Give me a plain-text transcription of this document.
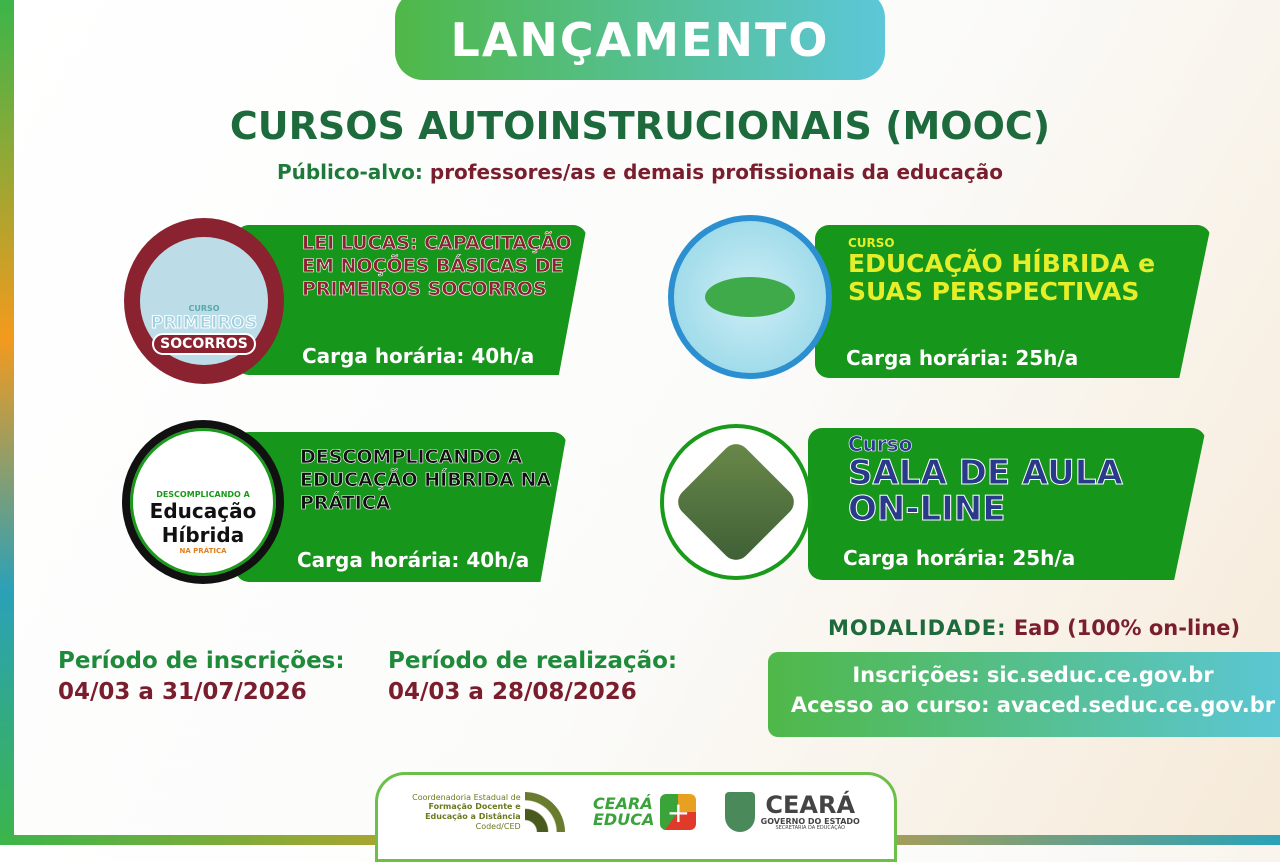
LANÇAMENTO
CURSOS AUTOINSTRUCIONAIS (MOOC)
Público-alvo: professores/as e demais profissionais da educação
CURSO
PRIMEIROS
SOCORROS
LEI LUCAS: CAPACITAÇÃO EM NOÇÕES BÁSICAS DE PRIMEIROS SOCORROS
Carga horária: 40h/a
CURSO
EDUCAÇÃO HÍBRIDA e SUAS PERSPECTIVAS
Carga horária: 25h/a
DESCOMPLICANDO A
Educação
Híbrida
NA PRÁTICA
DESCOMPLICANDO A EDUCAÇÃO HÍBRIDA NA PRÁTICA
Carga horária: 40h/a
Curso
SALA DE AULA ON-LINE
Carga horária: 25h/a
Período de inscrições:
04/03 a 31/07/2026
Período de realização:
04/03 a 28/08/2026
MODALIDADE: EaD (100% on-line)
Inscrições: sic.seduc.ce.gov.br
Acesso ao curso: avaced.seduc.ce.gov.br
Coordenadoria Estadual de
Formação Docente e
Educação a Distância
Coded/CED
CEARÁ
EDUCA +	CEARÁ
GOVERNO DO ESTADO
SECRETARIA DA EDUCAÇÃO
